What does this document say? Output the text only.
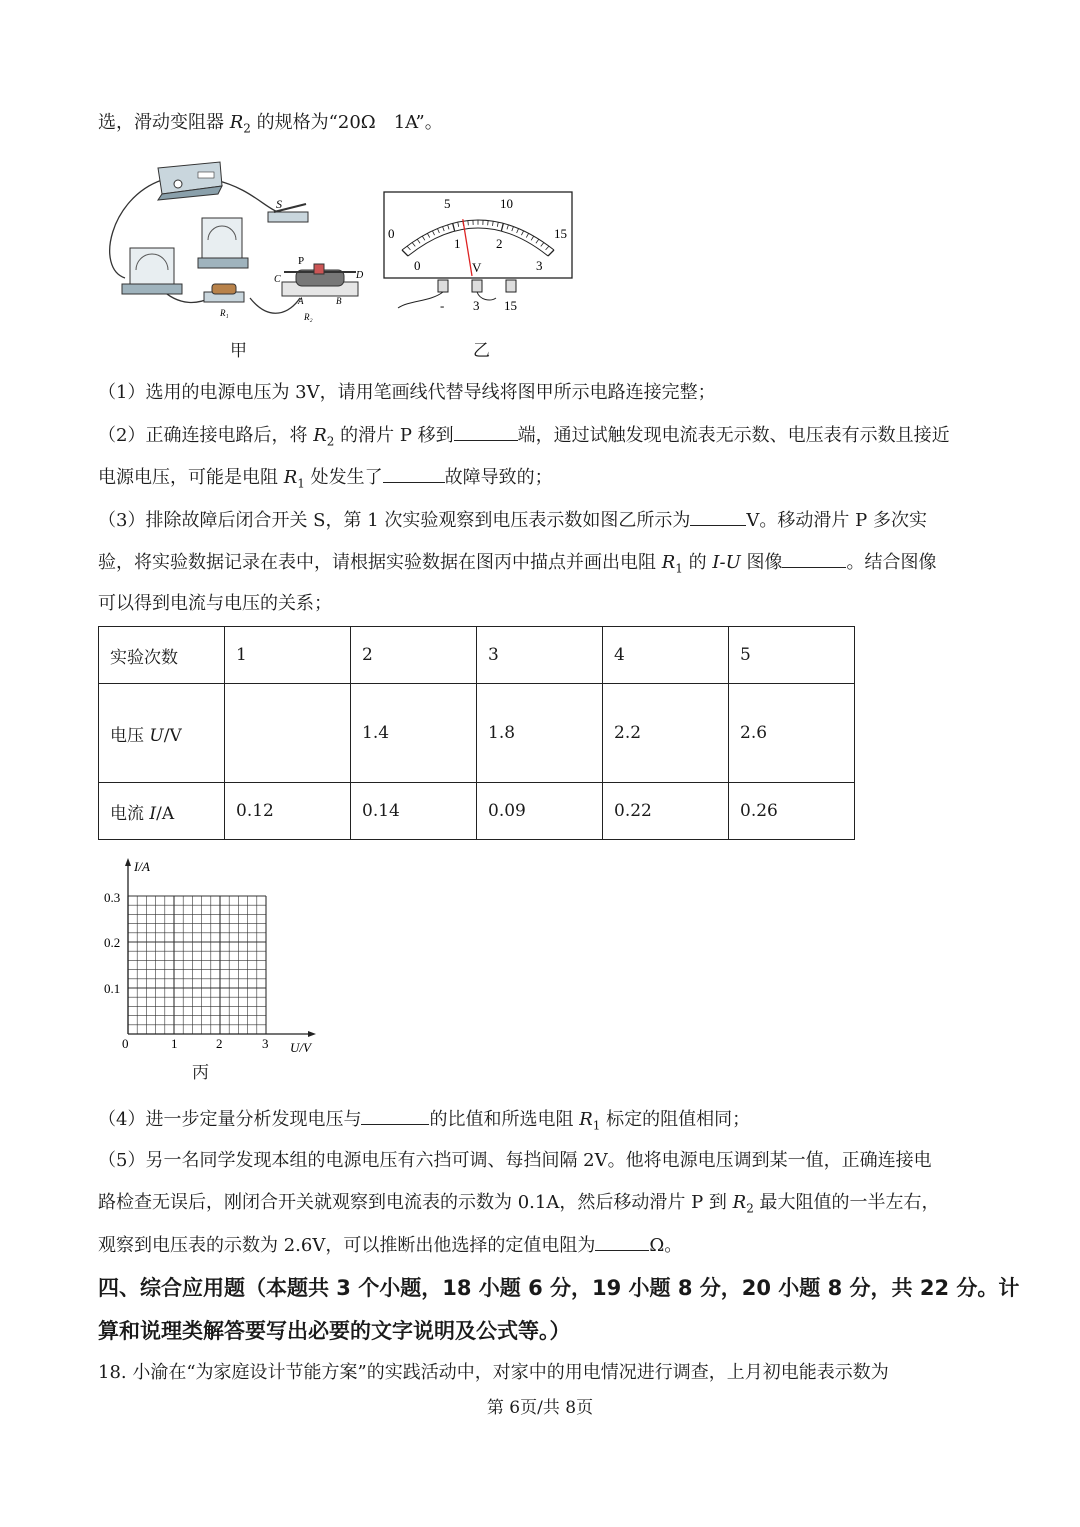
选，滑动变阻器 $R_2$ 的规格为“20Ω　1A”。
S
R₁
P
C	D
A	B
R₂
甲
0
5	10
15
0
1	2
3
V
- 3 15
乙
（1）选用的电源电压为 3V，请用笔画线代替导线将图甲所示电路连接完整；
（2）正确连接电路后，将 $R_2$ 的滑片 P 移到	端，通过试触发现电流表无示数、电压表有示数且接近
电源电压，可能是电阻 $R_1$ 处发生了	故障导致的；
（3）排除故障后闭合开关 S，第 1 次实验观察到电压表示数如图乙所示为	V。移动滑片 P 多次实
验，将实验数据记录在表中，请根据实验数据在图丙中描点并画出电阻 $R_1$ 的 I-U 图像	。结合图像
可以得到电流与电压的关系；
实验次数	1	2	3	4	5
电压 U/V		1.4	1.8	2.2	2.6
电流 I/A	0.12	0.14	0.09	0.22	0.26
I/A
U/V
0.1
0.2
0.3
0	1	2	3
丙
（4）进一步定量分析发现电压与	的比值和所选电阻 $R_1$ 标定的阻值相同；
（5）另一名同学发现本组的电源电压有六挡可调、每挡间隔 2V。他将电源电压调到某一值，正确连接电
路检查无误后，刚闭合开关就观察到电流表的示数为 0.1A，然后移动滑片 P 到 $R_2$ 最大阻值的一半左右，
观察到电压表的示数为 2.6V，可以推断出他选择的定值电阻为	Ω。
四、综合应用题（本题共 3 个小题，18 小题 6 分，19 小题 8 分，20 小题 8 分，共 22 分。计
算和说理类解答要写出必要的文字说明及公式等。）
18. 小渝在“为家庭设计节能方案”的实践活动中，对家中的用电情况进行调查，上月初电能表示数为
第 6页/共 8页
